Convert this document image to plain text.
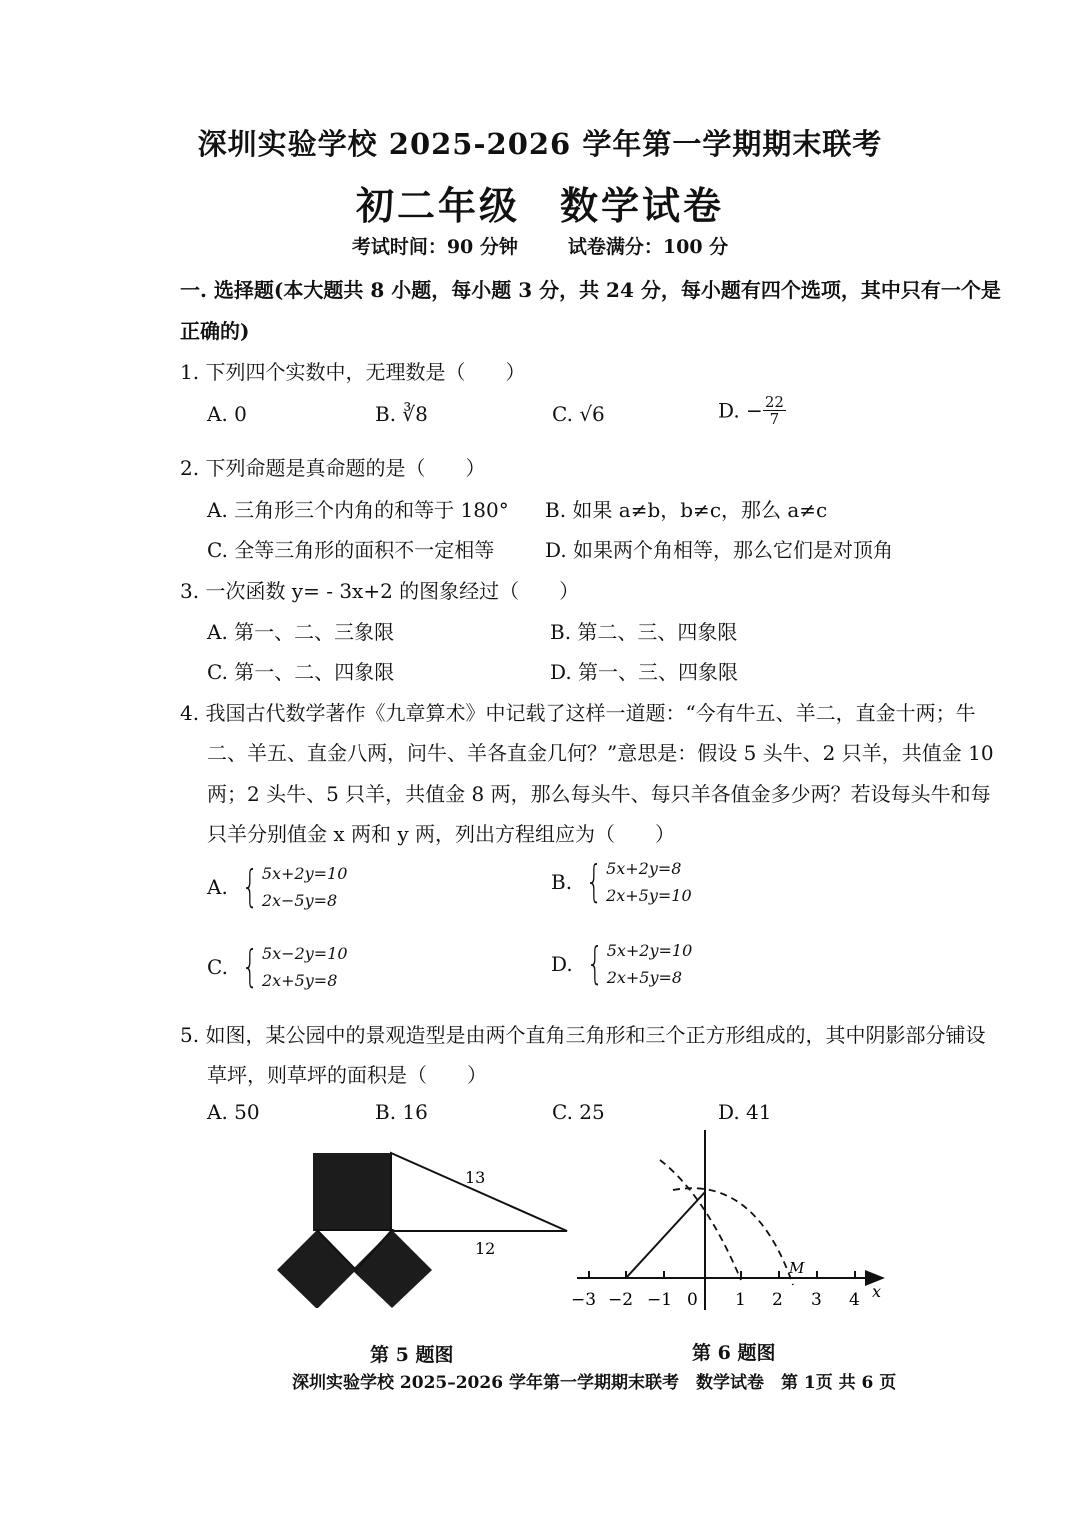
深圳实验学校 2025-2026 学年第一学期期末联考
初二年级 数学试卷
考试时间：90 分钟	试卷满分：100 分
一. 选择题(本大题共 8 小题，每小题 3 分，共 24 分，每小题有四个选项，其中只有一个是正确的)
1. 下列四个实数中，无理数是（　　）
A. 0	B. ∛8	C. √6	D. − $\frac{22}{7}$
2. 下列命题是真命题的是（　　）
A. 三角形三个内角的和等于 180° B. 如果 a≠b，b≠c，那么 a≠c
C. 全等三角形的面积不一定相等	D. 如果两个角相等，那么它们是对顶角
3. 一次函数 y= - 3x+2 的图象经过（　　）
A. 第一、二、三象限	B. 第二、三、四象限
C. 第一、二、四象限	D. 第一、三、四象限
4. 我国古代数学著作《九章算术》中记载了这样一道题：“今有牛五、羊二，直金十两；牛
二、羊五、直金八两，问牛、羊各直金几何？”意思是：假设 5 头牛、2 只羊，共值金 10
两；2 头牛、5 只羊，共值金 8 两，那么每头牛、每只羊各值金多少两？若设每头牛和每
只羊分别值金 x 两和 y 两，列出方程组应为（　　）
A. { 5x+2y=10
2x−5y=8
B. { 5x+2y=8
2x+5y=10
C. { 5x−2y=10
2x+5y=8
D. { 5x+2y=10
2x+5y=8
5. 如图，某公园中的景观造型是由两个直角三角形和三个正方形组成的，其中阴影部分铺设
草坪，则草坪的面积是（　　）
A. 50	B. 16	C. 25	D. 41
13
12
第 5 题图
−3 −2 −1 0 1 2 3 4 x
M
第 6 题图
深圳实验学校 2025–2026 学年第一学期期末联考　数学试卷　第 1页 共 6 页
